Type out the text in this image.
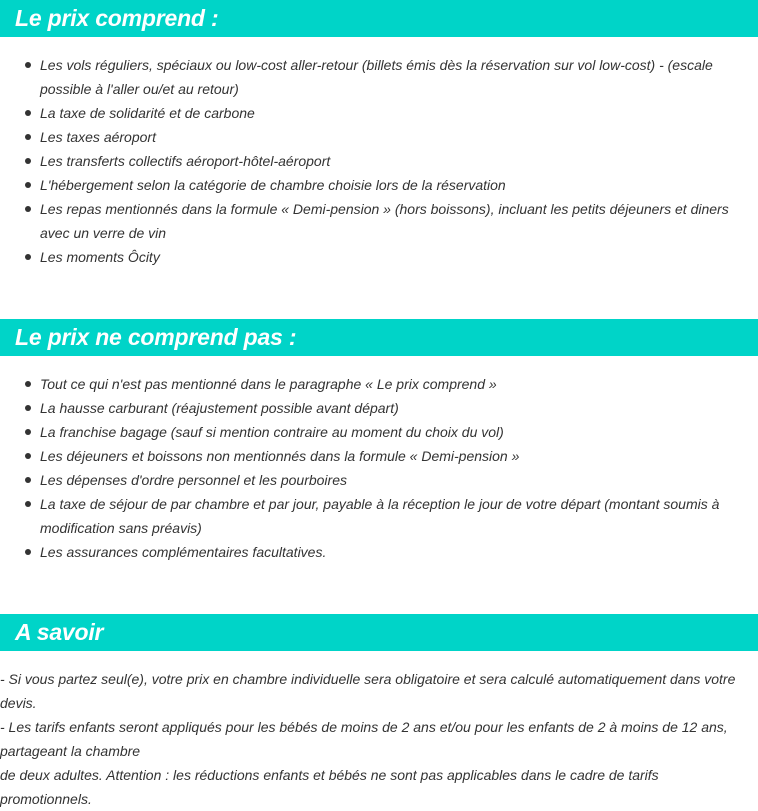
Le prix comprend :
Les vols réguliers, spéciaux ou low-cost aller-retour (billets émis dès la réservation sur vol low-cost) - (escale possible à l'aller ou/et au retour)
La taxe de solidarité et de carbone
Les taxes aéroport
Les transferts collectifs aéroport-hôtel-aéroport
L'hébergement selon la catégorie de chambre choisie lors de la réservation
Les repas mentionnés dans la formule « Demi-pension » (hors boissons), incluant les petits déjeuners et diners avec un verre de vin
Les moments Ôcity
Le prix ne comprend pas :
Tout ce qui n'est pas mentionné dans le paragraphe « Le prix comprend »
La hausse carburant (réajustement possible avant départ)
La franchise bagage (sauf si mention contraire au moment du choix du vol)
Les déjeuners et boissons non mentionnés dans la formule « Demi-pension »
Les dépenses d'ordre personnel et les pourboires
La taxe de séjour de par chambre et par jour, payable à la réception le jour de votre départ (montant soumis à modification sans préavis)
Les assurances complémentaires facultatives.
A savoir

- Si vous partez seul(e), votre prix en chambre individuelle sera obligatoire et sera calculé automatiquement dans votre devis.

- Les tarifs enfants seront appliqués pour les bébés de moins de 2 ans et/ou pour les enfants de 2 à moins de 12 ans, partageant la chambre

de deux adultes. Attention : les réductions enfants et bébés ne sont pas applicables dans le cadre de tarifs promotionnels.
